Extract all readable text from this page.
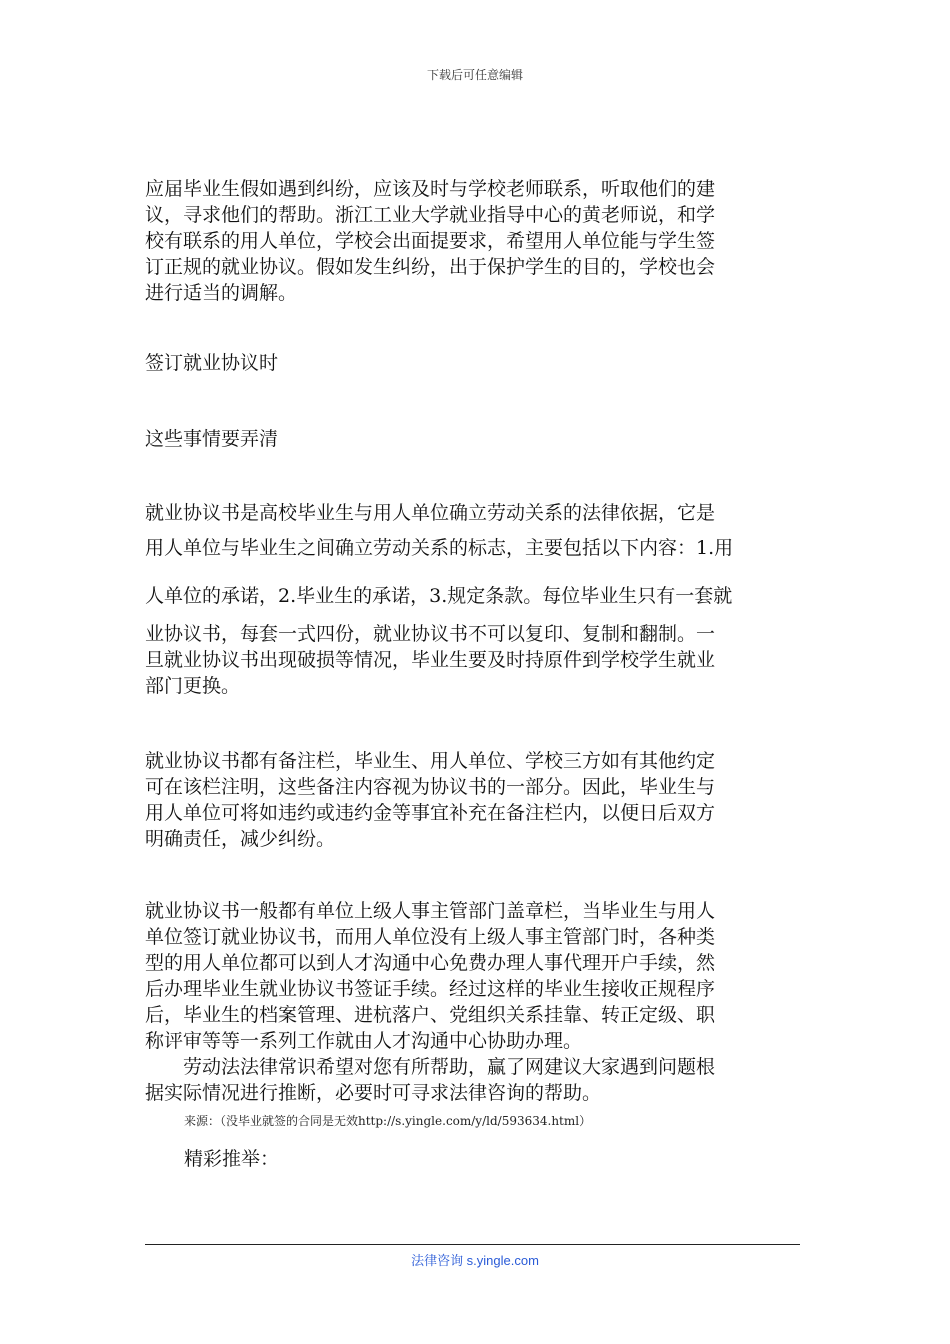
下载后可任意编辑
应届毕业生假如遇到纠纷，应该及时与学校老师联系，听取他们的建
议，寻求他们的帮助。浙江工业大学就业指导中心的黄老师说，和学
校有联系的用人单位，学校会出面提要求，希望用人单位能与学生签
订正规的就业协议。假如发生纠纷，出于保护学生的目的，学校也会
进行适当的调解。
签订就业协议时
这些事情要弄清
就业协议书是高校毕业生与用人单位确立劳动关系的法律依据，它是
用人单位与毕业生之间确立劳动关系的标志，主要包括以下内容：1.用
人单位的承诺，2.毕业生的承诺，3.规定条款。每位毕业生只有一套就
业协议书，每套一式四份，就业协议书不可以复印、复制和翻制。一
旦就业协议书出现破损等情况，毕业生要及时持原件到学校学生就业
部门更换。
就业协议书都有备注栏，毕业生、用人单位、学校三方如有其他约定
可在该栏注明，这些备注内容视为协议书的一部分。因此，毕业生与
用人单位可将如违约或违约金等事宜补充在备注栏内，以便日后双方
明确责任，减少纠纷。
就业协议书一般都有单位上级人事主管部门盖章栏，当毕业生与用人
单位签订就业协议书，而用人单位没有上级人事主管部门时，各种类
型的用人单位都可以到人才沟通中心免费办理人事代理开户手续，然
后办理毕业生就业协议书签证手续。经过这样的毕业生接收正规程序
后，毕业生的档案管理、进杭落户、党组织关系挂靠、转正定级、职
称评审等等一系列工作就由人才沟通中心协助办理。
　　劳动法法律常识希望对您有所帮助，赢了网建议大家遇到问题根
据实际情况进行推断，必要时可寻求法律咨询的帮助。
来源：（没毕业就签的合同是无效http://s.yingle.com/y/ld/593634.html）
精彩推举：
法律咨询 s.yingle.com
